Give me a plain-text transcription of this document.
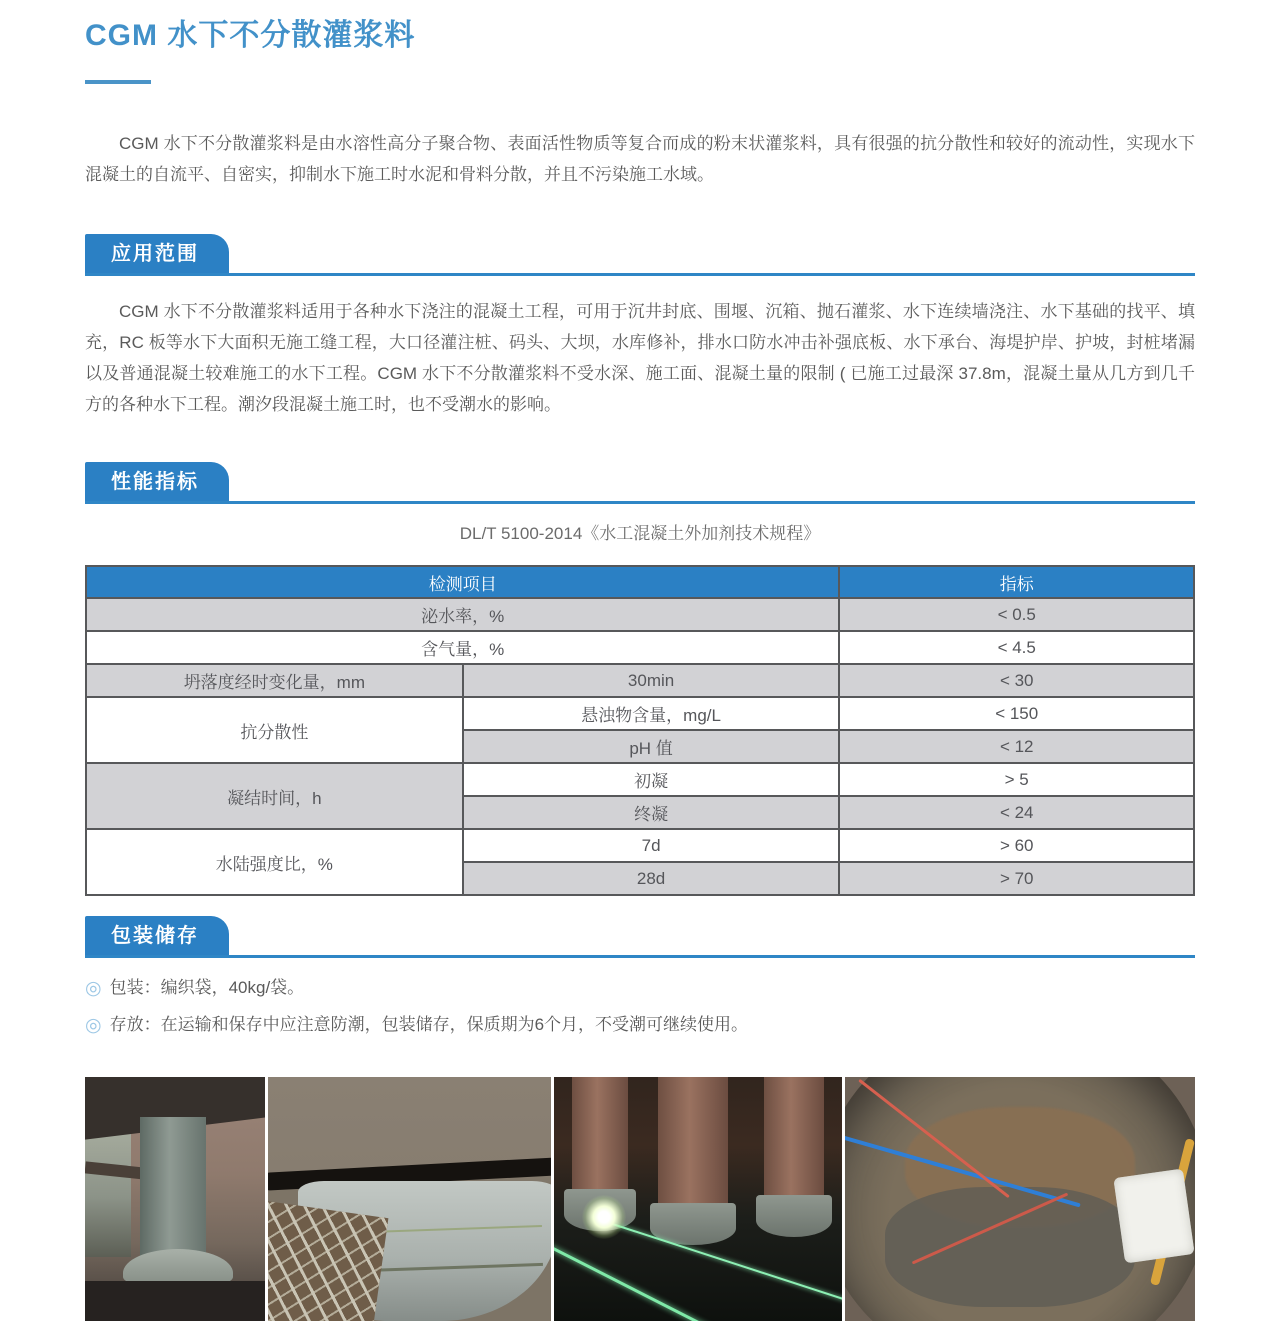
CGM 水下不分散灌浆料

CGM 水下不分散灌浆料是由水溶性高分子聚合物、表面活性物质等复合而成的粉末状灌浆料，具有很强的抗分散性和较好的流动性，实现水下混凝土的自流平、自密实，抑制水下施工时水泥和骨料分散，并且不污染施工水域。

应用范围

CGM 水下不分散灌浆料适用于各种水下浇注的混凝土工程，可用于沉井封底、围堰、沉箱、抛石灌浆、水下连续墙浇注、水下基础的找平、填充，RC 板等水下大面积无施工缝工程，大口径灌注桩、码头、大坝，水库修补，排水口防水冲击补强底板、水下承台、海堤护岸、护坡，封桩堵漏以及普通混凝土较难施工的水下工程。CGM 水下不分散灌浆料不受水深、施工面、混凝土量的限制 ( 已施工过最深 37.8m，混凝土量从几方到几千方的各种水下工程。潮汐段混凝土施工时，也不受潮水的影响。

性能指标

DL/T 5100-2014《水工混凝土外加剂技术规程》

检测项目		指标
泌水率，%		< 0.5
含气量，%		< 4.5
坍落度经时变化量，mm	30min	< 30
抗分散性	悬浊物含量，mg/L	< 150
	pH 值	< 12
凝结时间，h	初凝	> 5
	终凝	< 24
水陆强度比，%	7d	> 60
	28d	> 70
包装储存
◎ 包装：编织袋，40kg/袋。
◎ 存放：在运输和保存中应注意防潮，包装储存，保质期为6个月，不受潮可继续使用。
